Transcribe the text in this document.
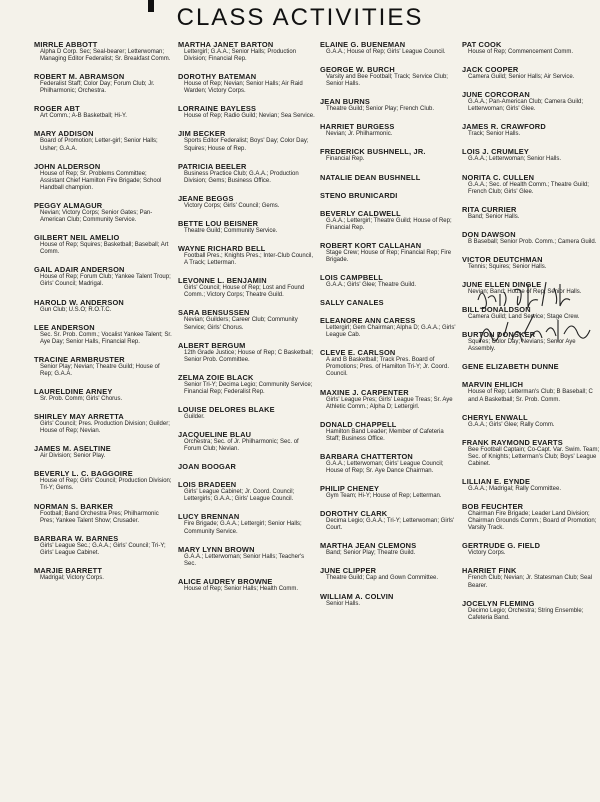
CLASS ACTIVITIES
MIRRLE ABBOTT
Alpha D Corp. Sec; Seal-bearer; Letterwoman; Managing Editor Federalist; Sr. Breakfast Comm.
ROBERT M. ABRAMSON
Federalist Staff; Color Day; Forum Club; Jr. Philharmonic; Orchestra.
ROGER ABT
Art Comm.; A-B Basketball; Hi-Y.
MARY ADDISON
Board of Promotion; Letter-girl; Senior Halls; Usher; G.A.A.
JOHN ALDERSON
House of Rep; Sr. Problems Committee; Assistant Chief Hamilton Fire Brigade; School Handball champion.
PEGGY ALMAGUR
Nevian; Victory Corps; Senior Gates; Pan-American Club; Community Service.
GILBERT NEIL AMELIO
House of Rep; Squires; Basketball; Baseball; Art Comm.
GAIL ADAIR ANDERSON
House of Rep; Forum Club; Yankee Talent Troup; Girls' Council; Madrigal.
HAROLD W. ANDERSON
Gun Club; U.S.O; R.O.T.C.
LEE ANDERSON
Sec. Sr. Prob. Comm.; Vocalist Yankee Talent; Sr. Aye Day; Senior Halls, Financial Rep.
TRACINE ARMBRUSTER
Senior Play; Nevian; Theatre Guild; House of Rep; G.A.A.
LAURELDINE ARNEY
Sr. Prob. Comm; Girls' Chorus.
SHIRLEY MAY ARRETTA
Girls' Council; Pres. Production Division; Guilder; House of Rep; Nevian.
JAMES M. ASELTINE
Air Division; Senior Play.
BEVERLY L. C. BAGGOIRE
House of Rep; Girls' Council; Production Division; Tri-Y; Gems.
NORMAN S. BARKER
Football; Band Orchestra Pres; Philharmonic Pres; Yankee Talent Show; Crusader.
BARBARA W. BARNES
Girls' League Sec.; G.A.A.; Girls' Council; Tri-Y; Girls' League Cabinet.
MARJIE BARRETT
Madrigal; Victory Corps.
MARTHA JANET BARTON
Lettergirl; G.A.A.; Senior Halls; Production Division; Financial Rep.
DOROTHY BATEMAN
House of Rep; Nevian; Senior Halls; Air Raid Warden; Victory Corps.
LORRAINE BAYLESS
House of Rep; Radio Guild; Nevian; Sea Service.
JIM BECKER
Sports Editor Federalist; Boys' Day; Color Day; Squires; House of Rep.
PATRICIA BEELER
Business Practice Club; G.A.A.; Production Division; Gems; Business Office.
JEANE BEGGS
Victory Corps; Girls' Council; Gems.
BETTE LOU BEISNER
Theatre Guild; Community Service.
WAYNE RICHARD BELL
Football Pres.; Knights Pres.; Inter-Club Council, A Track; Letterman.
LEVONNE L. BENJAMIN
Girls' Council; House of Rep; Lost and Found Comm.; Victory Corps; Theatre Guild.
SARA BENSUSSEN
Nevian; Guilders; Career Club; Community Service; Girls' Chorus.
ALBERT BERGUM
12th Grade Justice; House of Rep; C Basketball; Senior Prob. Committee.
ZELMA ZOIE BLACK
Senior Tri-Y; Decima Legio; Community Service; Financial Rep; Federalist Rep.
LOUISE DELORES BLAKE
Guilder.
JACQUELINE BLAU
Orchestra; Sec. of Jr. Philharmonic; Sec. of Forum Club; Nevian.
JOAN BOOGAR
LOIS BRADEEN
Girls' League Cabinet; Jr. Coord. Council; Lettergirls; G.A.A.; Girls' League Council.
LUCY BRENNAN
Fire Brigade; G.A.A.; Lettergirl; Senior Halls; Community Service.
MARY LYNN BROWN
G.A.A.; Letterwoman; Senior Halls; Teacher's Sec.
ALICE AUDREY BROWNE
House of Rep; Senior Halls; Health Comm.
ELAINE G. BUENEMAN
G.A.A.; House of Rep; Girls' League Council.
GEORGE W. BURCH
Varsity and Bee Football; Track; Service Club; Senior Halls.
JEAN BURNS
Theatre Guild; Senior Play; French Club.
HARRIET BURGESS
Nevian; Jr. Philharmonic.
FREDERICK BUSHNELL, JR.
Financial Rep.
NATALIE DEAN BUSHNELL
STENO BRUNICARDI
BEVERLY CALDWELL
G.A.A.; Lettergirl; Theatre Guild; House of Rep; Financial Rep.
ROBERT KORT CALLAHAN
Stage Crew; House of Rep; Financial Rep; Fire Brigade.
LOIS CAMPBELL
G.A.A.; Girls' Glee; Theatre Guild.
SALLY CANALES
ELEANORE ANN CARESS
Lettergirl; Gem Chairman; Alpha D; G.A.A.; Girls' League Cab.
CLEVE E. CARLSON
A and B Basketball; Track Pres. Board of Promotions; Pres. of Hamilton Tri-Y; Jr. Coord. Council.
MAXINE J. CARPENTER
Girls' League Pres; Girls' League Treas; Sr. Aye Athletic Comm.; Alpha D; Lettergirl.
DONALD CHAPPELL
Hamilton Band Leader; Member of Cafeteria Staff; Business Office.
BARBARA CHATTERTON
G.A.A.; Letterwoman; Girls' League Council; House of Rep; Sr. Aye Dance Chairman.
PHILIP CHENEY
Gym Team; Hi-Y; House of Rep; Letterman.
DOROTHY CLARK
Decima Legio; G.A.A.; Tri-Y; Letterwoman; Girls' Court.
MARTHA JEAN CLEMONS
Band; Senior Play; Theatre Guild.
JUNE CLIPPER
Theatre Guild; Cap and Gown Committee.
WILLIAM A. COLVIN
Senior Halls.
PAT COOK
House of Rep; Commencement Comm.
JACK COOPER
Camera Guild; Senior Halls; Air Service.
JUNE CORCORAN
G.A.A.; Pan-American Club; Camera Guild; Letterwoman; Girls' Glee.
JAMES R. CRAWFORD
Track; Senior Halls.
LOIS J. CRUMLEY
G.A.A.; Letterwoman; Senior Halls.
NORITA C. CULLEN
G.A.A.; Sec. of Health Comm.; Theatre Guild; French Club; Girls' Glee.
RITA CURRIER
Band; Senior Halls.
DON DAWSON
B Baseball; Senior Prob. Comm.; Camera Guild.
VICTOR DEUTCHMAN
Tennis; Squires; Senior Halls.
JUNE ELLEN DINGLE
Nevian; Band; House of Rep; Senior Halls.
BILL DONALDSON
Camera Guild; Land Service; Stage Crew.
BURTON DONSKER
Squires; Color Day; Nevians; Senior Aye Assembly.
GENE ELIZABETH DUNNE
MARVIN EHLICH
House of Rep; Letterman's Club; B Baseball; C and A Basketball; Sr. Prob. Comm.
CHERYL ENWALL
G.A.A.; Girls' Glee; Rally Comm.
FRANK RAYMOND EVARTS
Bee Football Captain; Co-Capt. Var. Swim. Team; Sec. of Knights; Letterman's Club; Boys' League Cabinet.
LILLIAN E. EYNDE
G.A.A.; Madrigal; Rally Committee.
BOB FEUCHTER
Chairman Fire Brigade; Leader Land Division; Chairman Grounds Comm.; Board of Promotion; Varsity Track.
GERTRUDE G. FIELD
Victory Corps.
HARRIET FINK
French Club; Nevian; Jr. Statesman Club; Seal Bearer.
JOCELYN FLEMING
Decimo Legio; Orchestra; String Ensemble; Cafeteria Band.
